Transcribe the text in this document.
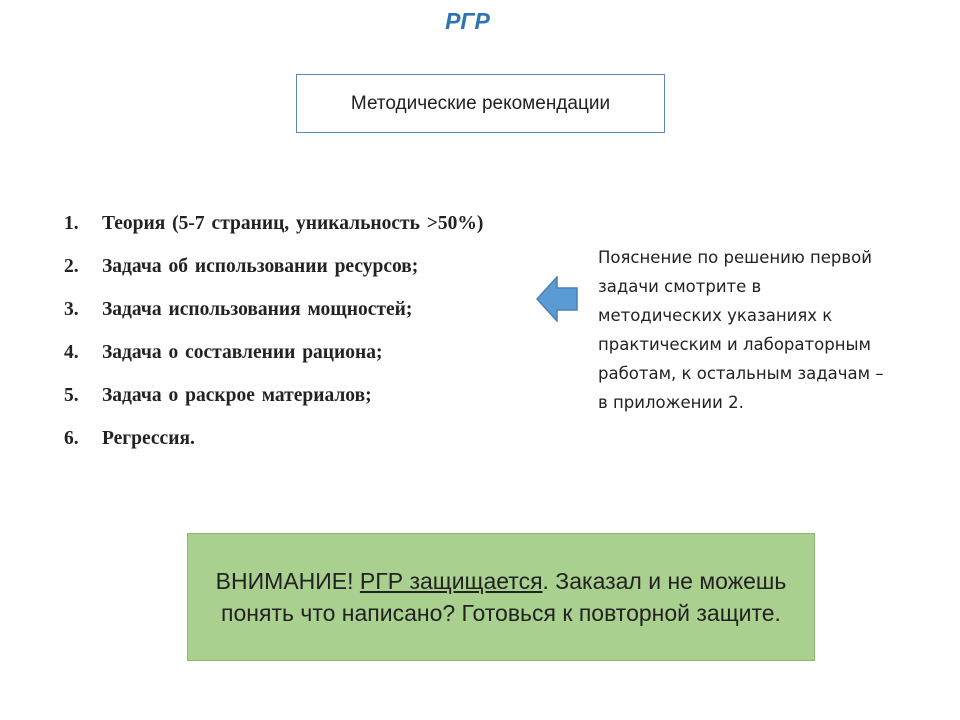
РГР
Методические рекомендации
1.	Теория (5-7 страниц, уникальность >50%)
2.	Задача об использовании ресурсов;
3.	Задача использования мощностей;
4.	Задача о составлении рациона;
5.	Задача о раскрое материалов;
6.	Регрессия.
Пояснение по решению первой задачи смотрите в методических указаниях к практическим и лабораторным работам, к остальным задачам – в приложении 2.
ВНИМАНИЕ! РГР защищается. Заказал и не можешь понять что написано? Готовься к повторной защите.
